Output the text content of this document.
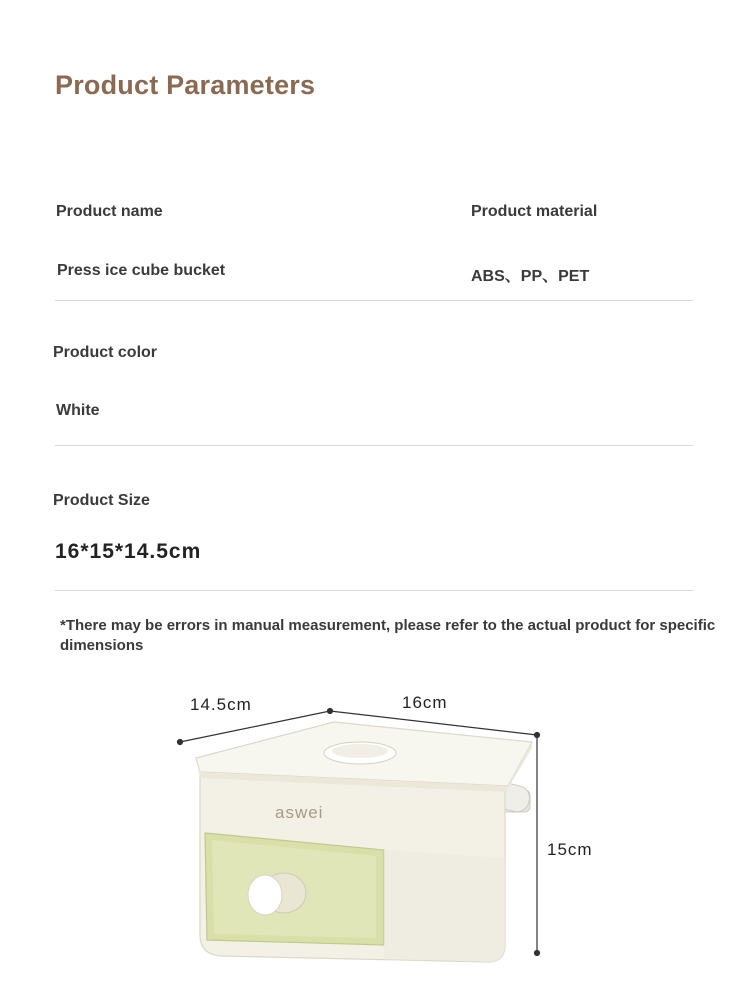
Product Parameters
Product name	Product material
Press ice cube bucket	ABS、PP、PET
Product color
White
Product Size
16*15*14.5cm
*There may be errors in manual measurement, please refer to the actual product for specific dimensions
aswei
14.5cm	16cm
15cm
